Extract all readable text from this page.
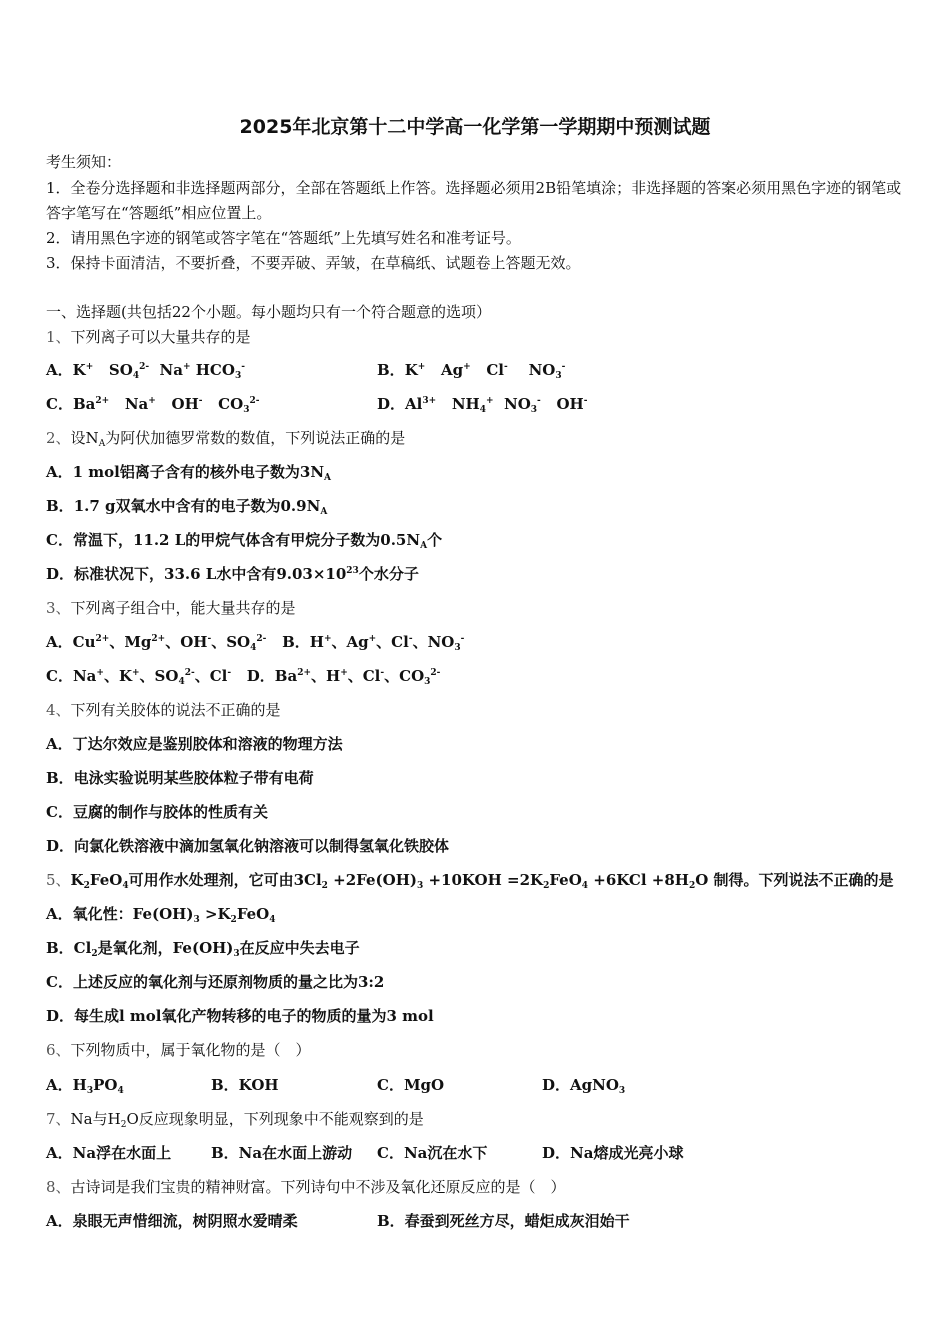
2025年北京第十二中学高一化学第一学期期中预测试题
考生须知：
1．全卷分选择题和非选择题两部分，全部在答题纸上作答。选择题必须用2B铅笔填涂；非选择题的答案必须用黑色字迹的钢笔或答字笔写在“答题纸”相应位置上。
2．请用黑色字迹的钢笔或答字笔在“答题纸”上先填写姓名和准考证号。
3．保持卡面清洁，不要折叠，不要弄破、弄皱，在草稿纸、试题卷上答题无效。
一、选择题(共包括22个小题。每小题均只有一个符合题意的选项）
1、下列离子可以大量共存的是
A．K+ $SO_4^{2-}$ Na+ $HCO_3^-$	B．K+ Ag+ Cl- $NO_3^-$
C．$Ba^{2+}$ Na+ OH- $CO_3^{2-}$	D．$Al^{3+}$ $NH_4^+$ $NO_3^-$ OH-
2、设$N_A$为阿伏加德罗常数的数值，下列说法正确的是
A．1 mol铝离子含有的核外电子数为$3N_A$
B．1.7 g双氧水中含有的电子数为$0.9N_A$
C．常温下，11.2 L的甲烷气体含有甲烷分子数为$0.5N_A$个
D．标准状况下，33.6 L水中含有$9.03\times 10^{23}$个水分子
3、下列离子组合中，能大量共存的是
A．$Cu^{2+}$、$Mg^{2+}$、OH-、$SO_4^{2-}$ B．H+、Ag+、Cl-、$NO_3^-$
C．Na+、K+、$SO_4^{2-}$、Cl- D．$Ba^{2+}$、H+、Cl-、$CO_3^{2-}$
4、下列有关胶体的说法不正确的是
A．丁达尔效应是鉴别胶体和溶液的物理方法
B．电泳实验说明某些胶体粒子带有电荷
C．豆腐的制作与胶体的性质有关
D．向氯化铁溶液中滴加氢氧化钠溶液可以制得氢氧化铁胶体
5、$K_2FeO_4$可用作水处理剂，它可由$3Cl_2 +2Fe(OH)_3 +10KOH =2K_2FeO_4 +6KCl +8H_2O$ 制得。下列说法不正确的是
A．氧化性：$Fe(OH)_3 >K_2FeO_4$
B．$Cl_2$是氧化剂，$Fe(OH)_3$在反应中失去电子
C．上述反应的氧化剂与还原剂物质的量之比为3:2
D．每生成l mol氧化产物转移的电子的物质的量为3 mol
6、下列物质中，属于氧化物的是（　）
A．$H_3PO_4$	B．KOH	C．MgO	D．AgNO$_3$
7、Na与$H_2O$反应现象明显，下列现象中不能观察到的是
A．Na浮在水面上	B．Na在水面上游动 C．Na沉在水下	D．Na熔成光亮小球
8、古诗词是我们宝贵的精神财富。下列诗句中不涉及氧化还原反应的是（　）
A．泉眼无声惜细流，树阴照水爱晴柔	B．春蚕到死丝方尽，蜡炬成灰泪始干
